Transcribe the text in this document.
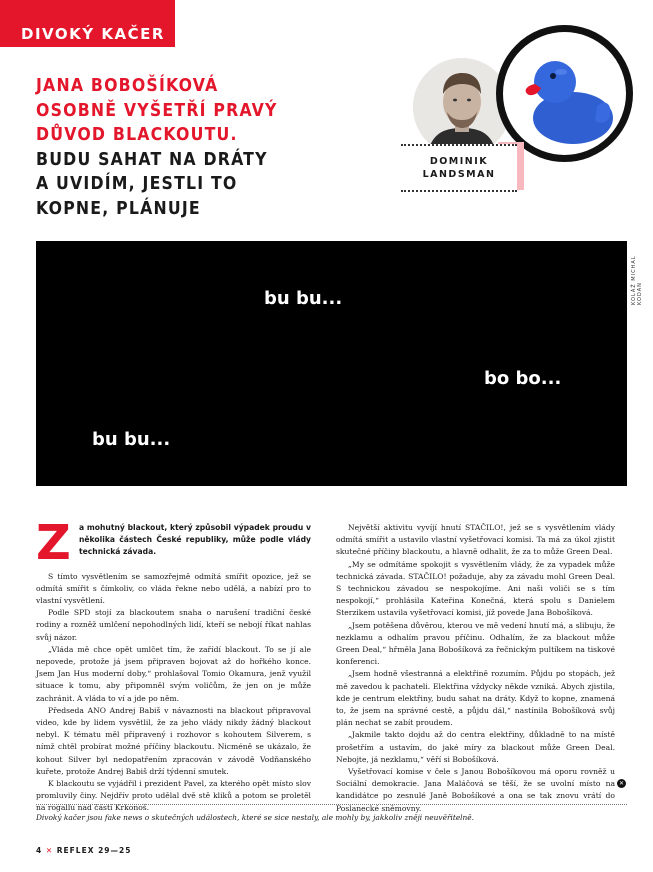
DIVOKÝ KAČER
JANA BOBOŠÍKOVÁ
OSOBNĚ VYŠETŘÍ PRAVÝ
DŮVOD BLACKOUTU.
BUDU SAHAT NA DRÁTY
A UVIDÍM, JESTLI TO
KOPNE, PLÁNUJE
DOMINIK
LANDSMAN
bu bu...
bo bo...
bu bu...
KOLÁŽ MICHAL KODAN
Z a mohutný blackout, který způsobil výpadek proudu v několika částech České republiky, může podle vlády technická závada.

S tímto vysvětlením se samozřejmě odmítá smířit opozice, jež se odmítá smířit s čímkoliv, co vláda řekne nebo udělá, a nabízí pro to vlastní vysvětlení.

Podle SPD stojí za blackoutem snaha o narušení tradiční české rodiny a rozněž umlčení nepohodlných lidí, kteří se nebojí říkat nahlas svůj názor.

„Vláda mě chce opět umlčet tím, že zařídí blackout. To se jí ale nepovede, protože já jsem připraven bojovat až do hořkého konce. Jsem Jan Hus moderní doby,“ prohlašoval Tomio Okamura, jenž využil situace k tomu, aby připomněl svým voličům, že jen on je může zachránit. A vláda to ví a jde po něm.

Předseda ANO Andrej Babiš v návaznosti na blackout připravoval video, kde by lidem vysvětlil, že za jeho vlády nikdy žádný blackout nebyl. K tématu měl připravený i rozhovor s kohoutem Silverem, s nímž chtěl probírat možné příčiny blackoutu. Nicméně se ukázalo, že kohout Silver byl nedopatřením zpracován v závodě Vodňanského kuřete, protože Andrej Babiš drží týdenní smutek.

K blackoutu se vyjádřil i prezident Pavel, za kterého opět místo slov promluvily činy. Nejdřív proto udělal dvě stě kliků a potom se proletěl na rogallu nad částí Krkonoš.

Největší aktivitu vyvíjí hnutí STAČILO!, jež se s vysvětlením vlády odmítá smířit a ustavilo vlastní vyšetřovací komisi. Ta má za úkol zjistit skutečné příčiny blackoutu, a hlavně odhalit, že za to může Green Deal.

„My se odmítáme spokojit s vysvětlením vlády, že za vypadek může technická závada. STAČILO! požaduje, aby za závadu mohl Green Deal. S technickou závadou se nespokojíme. Ani naši voliči se s tím nespokojí,“ prohlásila Kateřina Konečná, která spolu s Danielem Sterzikem ustavila vyšetřovací komisi, jíž povede Jana Bobošíková.

„Jsem potěšena důvěrou, kterou ve mě vedení hnutí má, a slibuju, že nezklamu a odhalím pravou příčinu. Odhalím, že za blackout může Green Deal,“ hřměla Jana Bobošíková za řečnickým pultíkem na tiskové konferenci.

„Jsem hodně všestranná a elektřině rozumím. Půjdu po stopách, jež mě zavedou k pachateli. Elektřina vždycky někde vzniká. Abych zjistila, kde je centrum elektřiny, budu sahat na dráty. Když to kopne, znamená to, že jsem na správné cestě, a půjdu dál,“ nastínila Bobošíková svůj plán nechat se zabít proudem.

„Jakmile takto dojdu až do centra elektřiny, důkladně to na místě prošetřím a ustavím, do jaké míry za blackout může Green Deal. Nebojte, já nezklamu,“ věří si Bobošíková.

Vyšetřovací komise v čele s Janou Bobošíkovou má oporu rovněž u Sociální demokracie. Jana Maláčová se těší, že se uvolní místo na kandidátce po zesnulé Janě Bobošíkové a ona se tak znovu vrátí do Poslanecké sněmovny.

✕
Divoký kačer jsou fake news o skutečných událostech, které se sice nestaly, ale mohly by, jakkoliv zněji neuvěřitelně.
4 ✕ REFLEX 29—25
